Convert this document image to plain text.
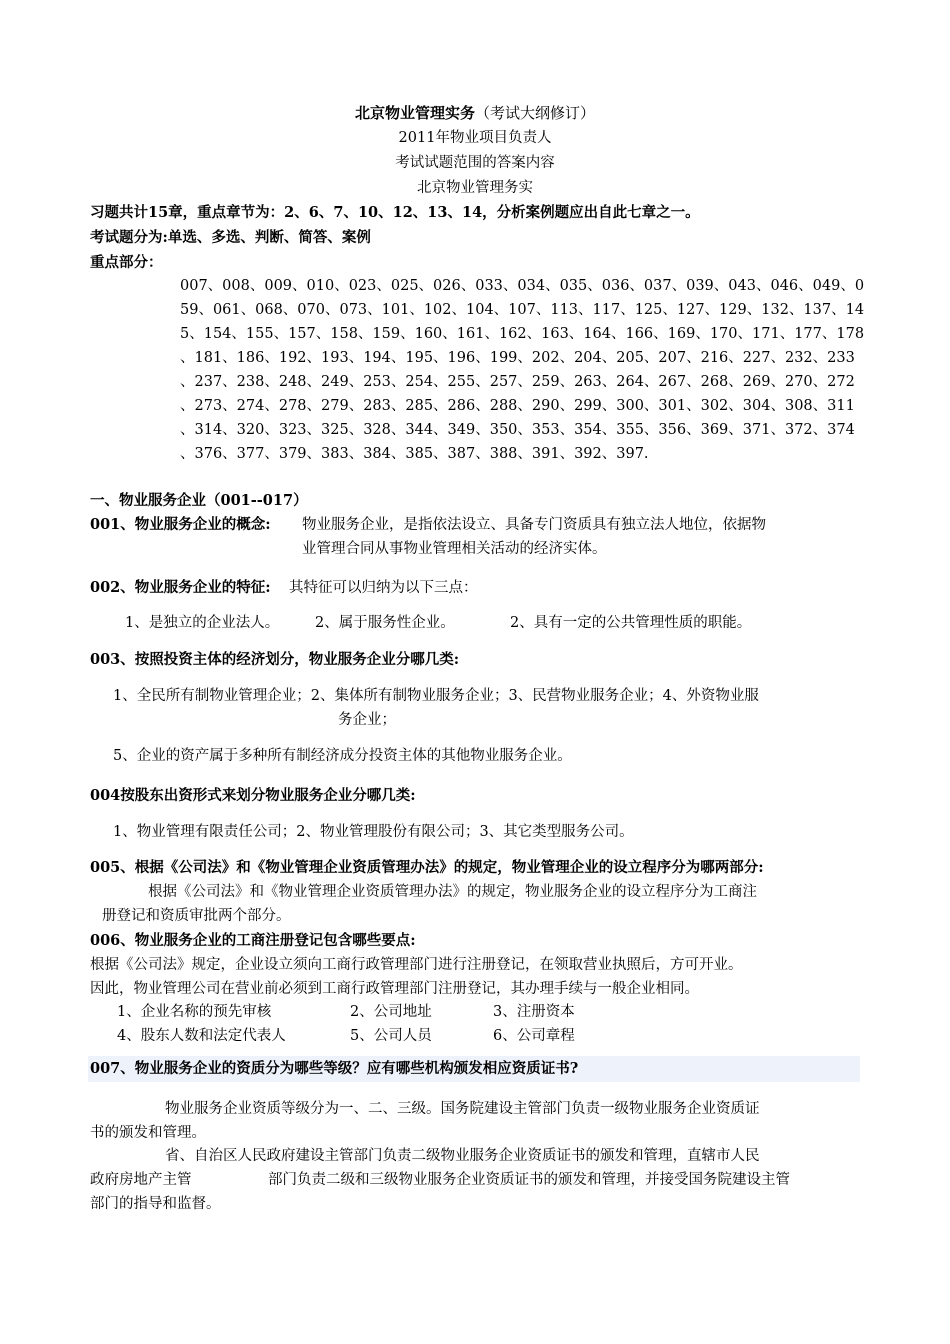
北京物业管理实务（考试大纲修订）
2011年物业项目负责人
考试试题范围的答案内容
北京物业管理务实
习题共计15章，重点章节为：2、6、7、10、12、13、14，分析案例题应出自此七章之一。
考试题分为:单选、多选、判断、简答、案例
重点部分：
007、008、009、010、023、025、026、033、034、035、036、037、039、043、046、049、0
59、061、068、070、073、101、102、104、107、113、117、125、127、129、132、137、14
5、154、155、157、158、159、160、161、162、163、164、166、169、170、171、177、178
、181、186、192、193、194、195、196、199、202、204、205、207、216、227、232、233
、237、238、248、249、253、254、255、257、259、263、264、267、268、269、270、272
、273、274、278、279、283、285、286、288、290、299、300、301、302、304、308、311
、314、320、323、325、328、344、349、350、353、354、355、356、369、371、372、374
、376、377、379、383、384、385、387、388、391、392、397.
一、物业服务企业（001--017）
001、物业服务企业的概念: 物业服务企业，是指依法设立、具备专门资质具有独立法人地位，依据物
业管理合同从事物业管理相关活动的经济实体。
002、物业服务企业的特征: 其特征可以归纳为以下三点：
1、是独立的企业法人。 2、属于服务性企业。	2、具有一定的公共管理性质的职能。
003、按照投资主体的经济划分，物业服务企业分哪几类:
1、全民所有制物业管理企业；2、集体所有制物业服务企业；3、民营物业服务企业；4、外资物业服
务企业；
5、企业的资产属于多种所有制经济成分投资主体的其他物业服务企业。
004按股东出资形式来划分物业服务企业分哪几类:
1、物业管理有限责任公司；2、物业管理股份有限公司；3、其它类型服务公司。
005、根据《公司法》和《物业管理企业资质管理办法》的规定，物业管理企业的设立程序分为哪两部分:
根据《公司法》和《物业管理企业资质管理办法》的规定，物业服务企业的设立程序分为工商注
册登记和资质审批两个部分。
006、物业服务企业的工商注册登记包含哪些要点:
根据《公司法》规定，企业设立须向工商行政管理部门进行注册登记，在领取营业执照后，方可开业。
因此，物业管理公司在营业前必须到工商行政管理部门注册登记，其办理手续与一般企业相同。
1、企业名称的预先审核	2、公司地址	3、注册资本
4、股东人数和法定代表人	5、公司人员	6、公司章程
007、物业服务企业的资质分为哪些等级？应有哪些机构颁发相应资质证书?
物业服务企业资质等级分为一、二、三级。国务院建设主管部门负责一级物业服务企业资质证
书的颁发和管理。
省、自治区人民政府建设主管部门负责二级物业服务企业资质证书的颁发和管理，直辖市人民
政府房地产主管	部门负责二级和三级物业服务企业资质证书的颁发和管理，并接受国务院建设主管
部门的指导和监督。
